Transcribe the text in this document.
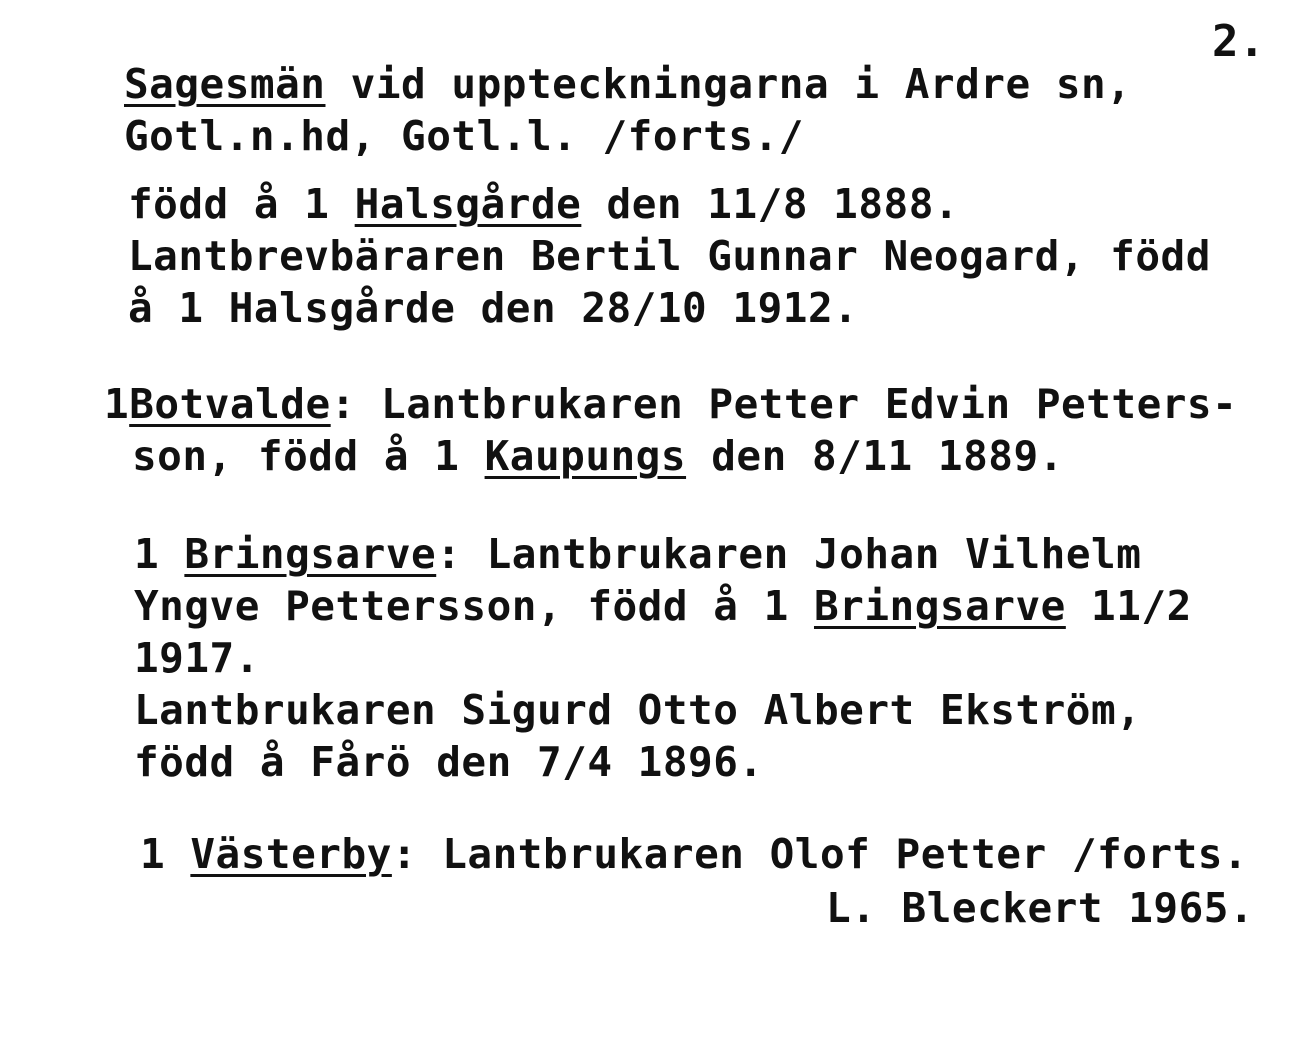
2.
Sagesmän vid uppteckningarna i Ardre sn,
Gotl.n.hd, Gotl.l. /forts./
född å 1 Halsgårde den 11/8 1888.
Lantbrevbäraren Bertil Gunnar Neogard, född
å 1 Halsgårde den 28/10 1912.
1Botvalde: Lantbrukaren Petter Edvin Petters-
son, född å 1 Kaupungs den 8/11 1889.
1 Bringsarve: Lantbrukaren Johan Vilhelm
Yngve Pettersson, född å 1 Bringsarve 11/2
1917.
Lantbrukaren Sigurd Otto Albert Ekström,
född å Fårö den 7/4 1896.
1 Västerby: Lantbrukaren Olof Petter /forts.
L. Bleckert 1965.
